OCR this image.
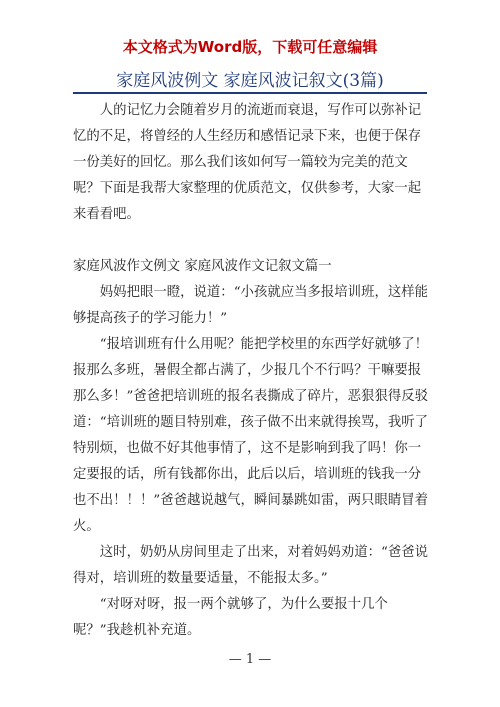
本文格式为Word版，下载可任意编辑
家庭风波例文 家庭风波记叙文(3篇)

人的记忆力会随着岁月的流逝而衰退，写作可以弥补记忆的不足，将曾经的人生经历和感悟记录下来，也便于保存一份美好的回忆。那么我们该如何写一篇较为完美的范文呢？下面是我帮大家整理的优质范文，仅供参考，大家一起来看看吧。

家庭风波作文例文 家庭风波作文记叙文篇一

妈妈把眼一瞪，说道：“小孩就应当多报培训班，这样能够提高孩子的学习能力！”

“报培训班有什么用呢？能把学校里的东西学好就够了！报那么多班，暑假全都占满了，少报几个不行吗？干嘛要报那么多！”爸爸把培训班的报名表撕成了碎片，恶狠狠得反驳道：“培训班的题目特别难，孩子做不出来就得挨骂，我听了特别烦，也做不好其他事情了，这不是影响到我了吗！你一定要报的话，所有钱都你出，此后以后，培训班的钱我一分也不出！！！”爸爸越说越气，瞬间暴跳如雷，两只眼睛冒着火。

这时，奶奶从房间里走了出来，对着妈妈劝道：“爸爸说得对，培训班的数量要适量，不能报太多。”

“对呀对呀，报一两个就够了，为什么要报十几个呢？”我趁机补充道。

— 1 —
